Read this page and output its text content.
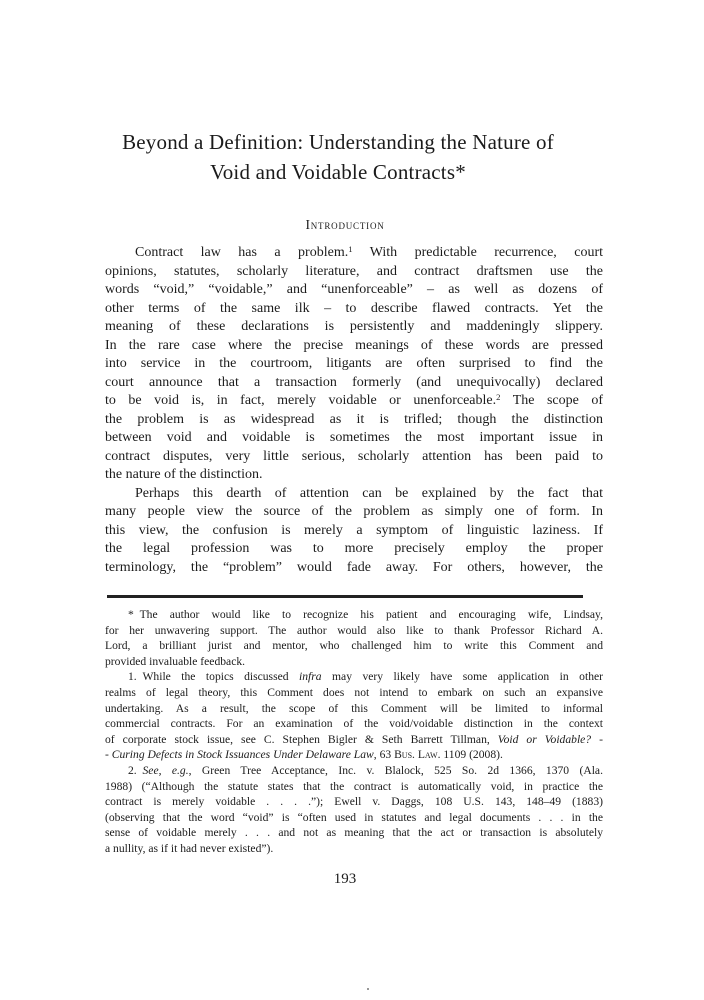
Beyond a Definition: Understanding the Nature of
Void and Voidable Contracts*
Introduction
Contract law has a problem.$^1$ With predictable recurrence, court
opinions, statutes, scholarly literature, and contract draftsmen use the
words “void,” “voidable,” and “unenforceable” – as well as dozens of
other terms of the same ilk – to describe flawed contracts. Yet the
meaning of these declarations is persistently and maddeningly slippery.
In the rare case where the precise meanings of these words are pressed
into service in the courtroom, litigants are often surprised to find the
court announce that a transaction formerly (and unequivocally) declared
to be void is, in fact, merely voidable or unenforceable.$^2$ The scope of
the problem is as widespread as it is trifled; though the distinction
between void and voidable is sometimes the most important issue in
contract disputes, very little serious, scholarly attention has been paid to
the nature of the distinction.
Perhaps this dearth of attention can be explained by the fact that
many people view the source of the problem as simply one of form. In
this view, the confusion is merely a symptom of linguistic laziness. If
the legal profession was to more precisely employ the proper
terminology, the “problem” would fade away. For others, however, the
* The author would like to recognize his patient and encouraging wife, Lindsay,
for her unwavering support. The author would also like to thank Professor Richard A.
Lord, a brilliant jurist and mentor, who challenged him to write this Comment and
provided invaluable feedback.
1. While the topics discussed infra may very likely have some application in other
realms of legal theory, this Comment does not intend to embark on such an expansive
undertaking. As a result, the scope of this Comment will be limited to informal
commercial contracts. For an examination of the void/voidable distinction in the context
of corporate stock issue, see C. Stephen Bigler & Seth Barrett Tillman, Void or Voidable? -
- Curing Defects in Stock Issuances Under Delaware Law, 63 Bus. Law. 1109 (2008).
2. See, e.g., Green Tree Acceptance, Inc. v. Blalock, 525 So. 2d 1366, 1370 (Ala.
1988) (“Although the statute states that the contract is automatically void, in practice the
contract is merely voidable . . . .”); Ewell v. Daggs, 108 U.S. 143, 148–49 (1883)
(observing that the word “void” is “often used in statutes and legal documents . . . in the
sense of voidable merely . . . and not as meaning that the act or transaction is absolutely
a nullity, as if it had never existed”).
193
